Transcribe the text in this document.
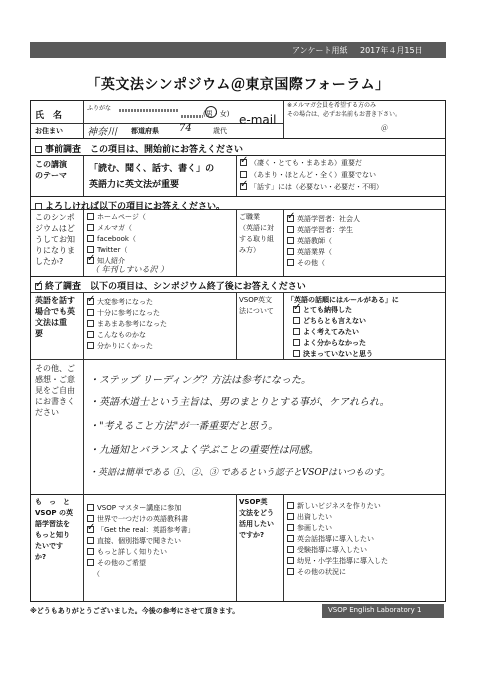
アンケート用紙 2017年４月15日
「英文法シンポジウム＠東京国際フォーラム」
氏　名
ふりがな
(男・女)
お住まい 神奈川 都道府県 74	歳代
e-mail
※メルマガ会員を希望する方のみ
その場合は、必ずお名前もお書き下さい。
＠
事前調査　 この項目は、開始前にお答えください
この講演
のテーマ
「読む、聞く、話す、書く」の
英語力に英文法が重要
✓（凄く・とても・まあまあ）重要だ
（あまり・ほとんど・全く）重要でない
✓「話す」には（必要ない・必要だ・不明）
よろしければ以下の項目にお答えください。
このシンポ
ジウムはど
うしてお知
りになりま
したか?
ホームページ（
メルマガ（
facebook（
Twitter（
✓知人紹介
（ 年刊しすいる沢 ）
ご職業
（英語に対
する取り組
み方）
✓英語学習者：社会人
英語学習者：学生
英語教師（
英語業界（
その他（
✓終了調査　 以下の項目は、シンポジウム終了後にお答えください
英語を話す
場合でも英
文法は重
要
✓大変参考になった
十分に参考になった
まあまあ参考になった
こんなものかな
分かりにくかった
VSOP英文
法について
「英語の話順にはルールがある」に
✓とても納得した
どちらとも言えない
よく考えてみたい
よく分からなかった
決まっていないと思う
その他、ご
感想・ご意
見をご自由
にお書きく
ださい
・ステップ リーディング？方法は参考になった。
・英語木道士という主旨は、男のまとりとする事が、ケアれられ。
・"考えること方法"が一番重要だと思う。
・九通知とバランスよく学ぶことの重要性は同感。
・英語は簡単である ①、②、③ であるという認子とVSOPはいつものす。
も　っ　と
VSOP の英
語学習法を
もっと知り
たいです
か?
VSOP マスター講座に参加
世界で一つだけの英語教科書
✓「Get the real：英語参考書」
直接、個別指導で聞きたい
もっと詳しく知りたい
その他のご希望
（
VSOP英
文法をどう
活用したい
ですか?
新しいビジネスを作りたい
出資したい
参画したい
英会話指導に導入したい
受験指導に導入したい
幼児・小学生指導に導入した
その他の状況に
※どうもありがとうございました。今後の参考にさせて頂きます。	VSOP English Laboratory 1
